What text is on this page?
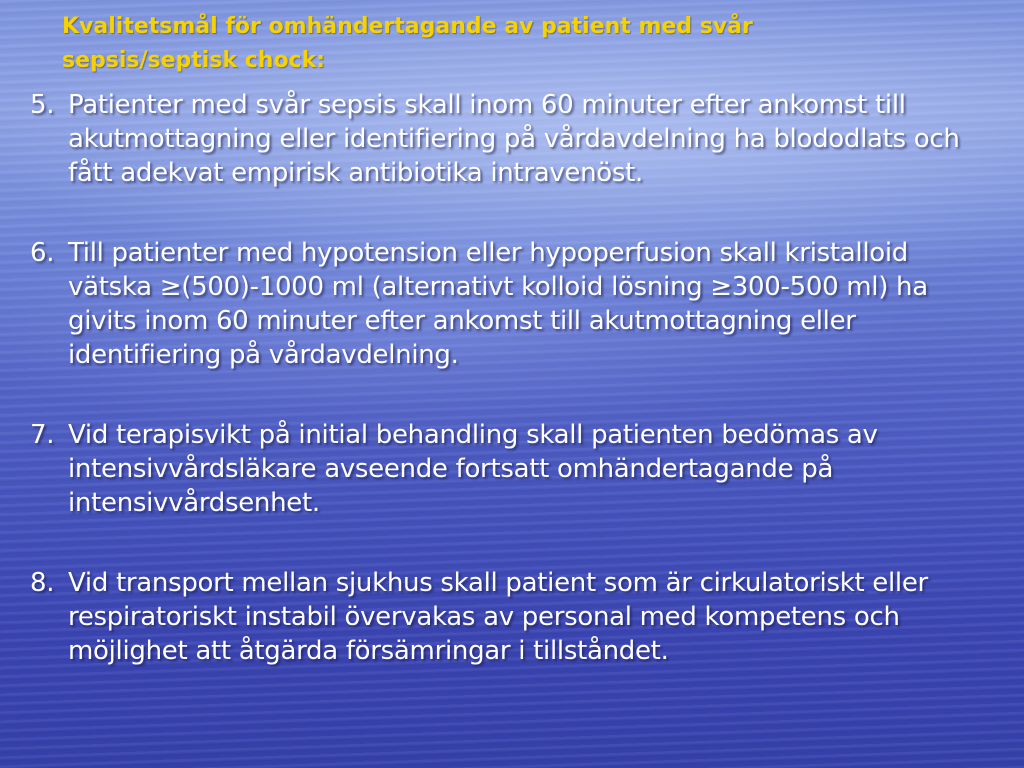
Kvalitetsmål för omhändertagande av patient med svår sepsis/septisk chock:
5. Patienter med svår sepsis skall inom 60 minuter efter ankomst till akutmottagning eller identifiering på vårdavdelning ha blododlats och fått adekvat empirisk antibiotika intravenöst.
6. Till patienter med hypotension eller hypoperfusion skall kristalloid vätska ≥(500)-1000 ml (alternativt kolloid lösning ≥300-500 ml) ha givits inom 60 minuter efter ankomst till akutmottagning eller identifiering på vårdavdelning.
7. Vid terapisvikt på initial behandling skall patienten bedömas av intensivvårdsläkare avseende fortsatt omhändertagande på intensivvårdsenhet.
8. Vid transport mellan sjukhus skall patient som är cirkulatoriskt eller respiratoriskt instabil övervakas av personal med kompetens och möjlighet att åtgärda försämringar i tillståndet.
